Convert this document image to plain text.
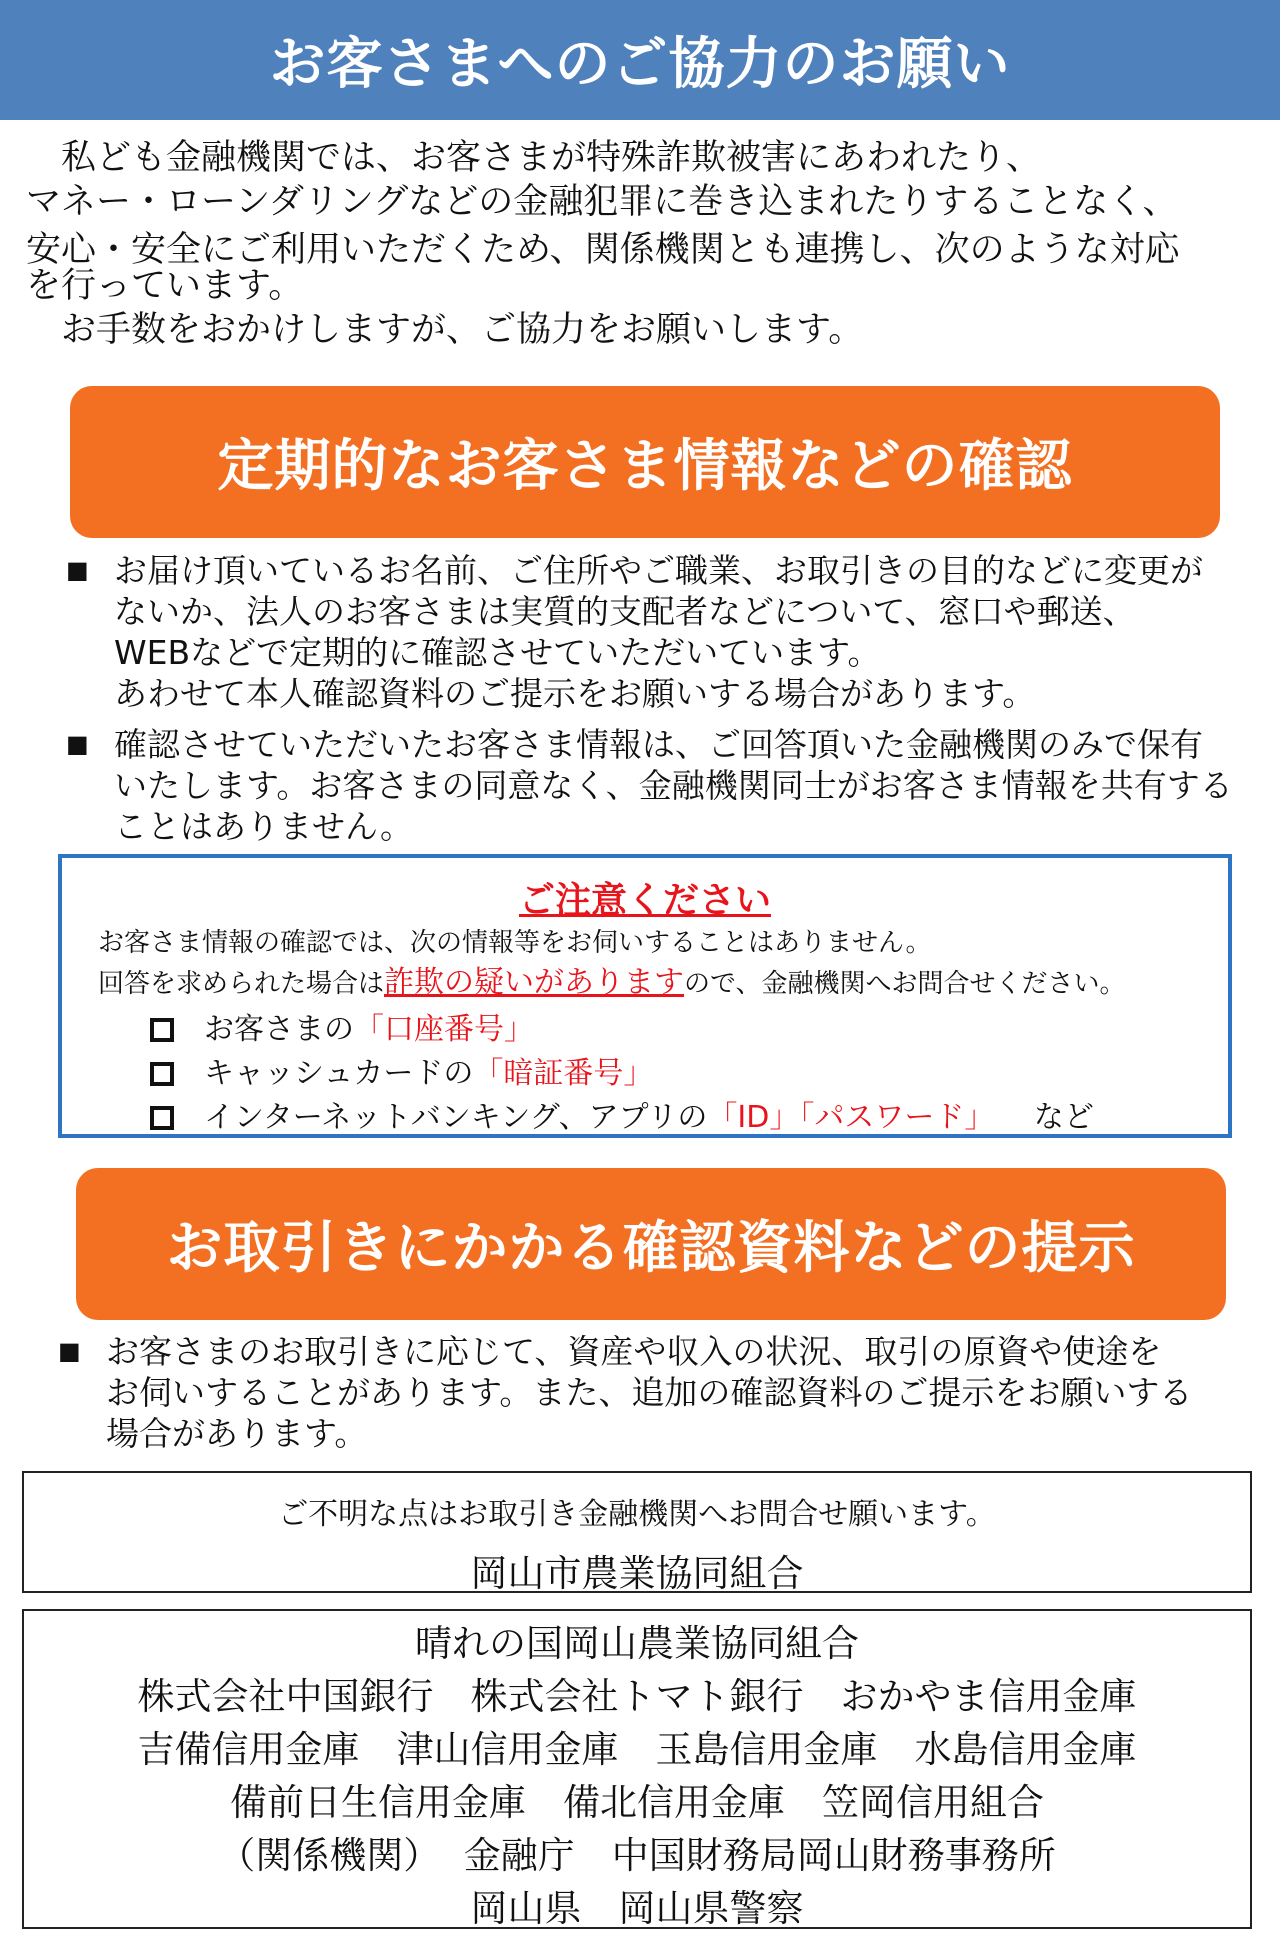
お客さまへのご協力のお願い

　私ども金融機関では、お客さまが特殊詐欺被害にあわれたり、

マネー・ローンダリングなどの金融犯罪に巻き込まれたりすることなく、

安心・安全にご利用いただくため、関係機関とも連携し、次のような対応

を行っています。

　お手数をおかけしますが、ご協力をお願いします。

定期的なお客さま情報などの確認
■ お届け頂いているお名前、ご住所やご職業、お取引きの目的などに変更が
ないか、法人のお客さまは実質的支配者などについて、窓口や郵送、
WEBなどで定期的に確認させていただいています。
あわせて本人確認資料のご提示をお願いする場合があります。
■ 確認させていただいたお客さま情報は、ご回答頂いた金融機関のみで保有
いたします。お客さまの同意なく、金融機関同士がお客さま情報を共有する
ことはありません。
ご注意ください
お客さま情報の確認では、次の情報等をお伺いすることはありません。
回答を求められた場合は詐欺の疑いがありますので、金融機関へお問合せください。
お客さまの 「口座番号」
キャッシュカードの 「暗証番号」
インターネットバンキング、アプリの 「ID」「パスワード」 　 など
お取引きにかかる確認資料などの提示
■ お客さまのお取引きに応じて、資産や収入の状況、取引の原資や使途を
お伺いすることがあります。また、追加の確認資料のご提示をお願いする
場合があります。
ご不明な点はお取引き金融機関へお問合せ願います。
岡山市農業協同組合
晴れの国岡山農業協同組合
株式会社中国銀行　株式会社トマト銀行　おかやま信用金庫
吉備信用金庫　津山信用金庫　玉島信用金庫　水島信用金庫
備前日生信用金庫　備北信用金庫　笠岡信用組合
（関係機関）  金融庁　中国財務局岡山財務事務所
岡山県　岡山県警察
